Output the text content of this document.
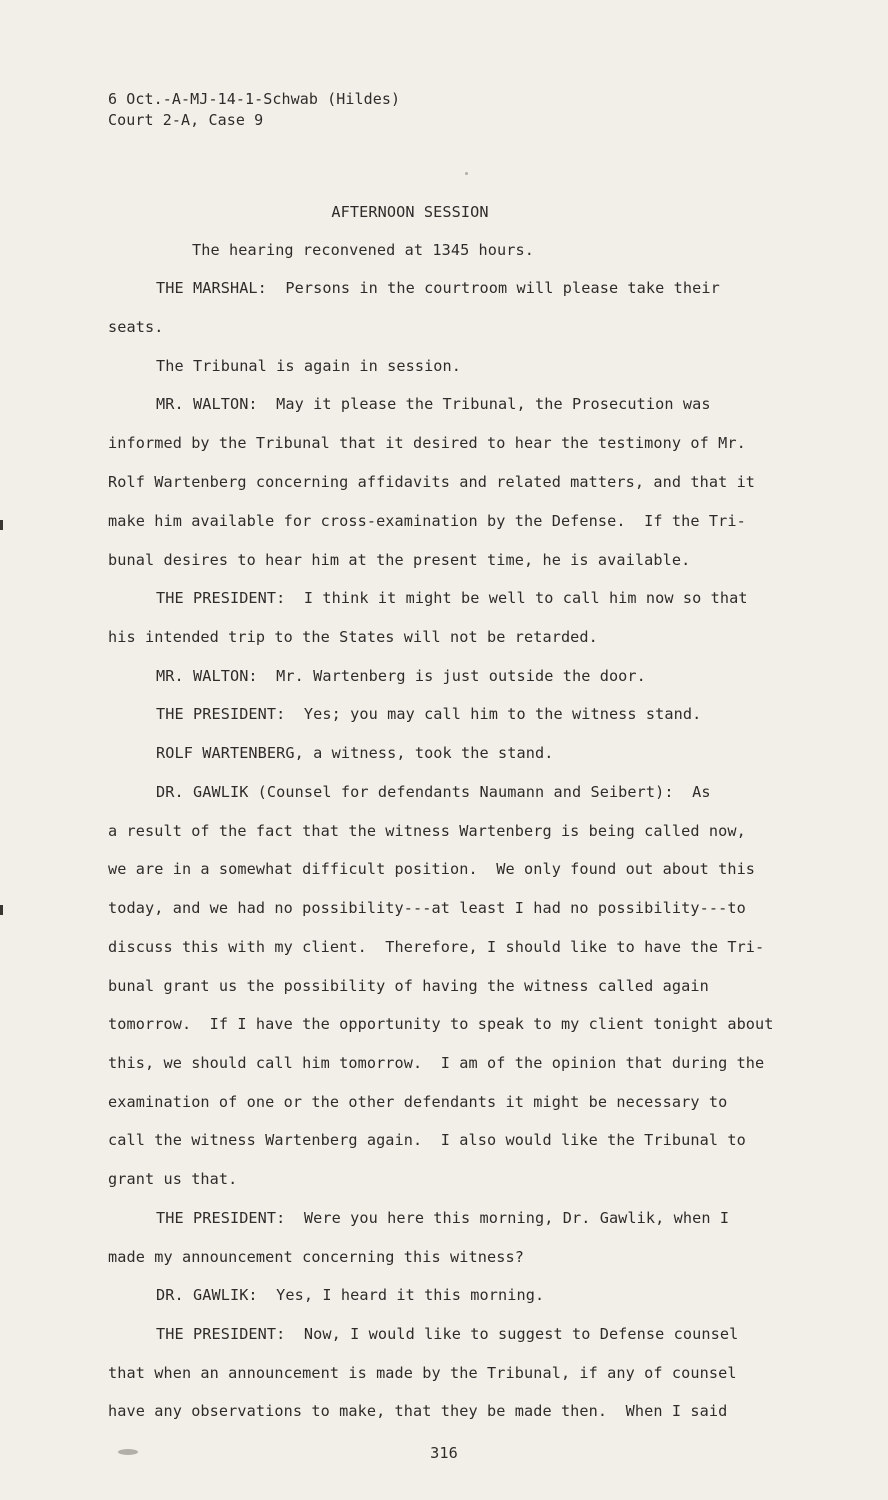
6 Oct.-A-MJ-14-1-Schwab (Hildes)

Court 2-A, Case 9

AFTERNOON SESSION

The hearing reconvened at 1345 hours.

THE MARSHAL:  Persons in the courtroom will please take their

seats.

The Tribunal is again in session.

MR. WALTON:  May it please the Tribunal, the Prosecution was

informed by the Tribunal that it desired to hear the testimony of Mr.

Rolf Wartenberg concerning affidavits and related matters, and that it

make him available for cross-examination by the Defense.  If the Tri-

bunal desires to hear him at the present time, he is available.

THE PRESIDENT:  I think it might be well to call him now so that

his intended trip to the States will not be retarded.

MR. WALTON:  Mr. Wartenberg is just outside the door.

THE PRESIDENT:  Yes; you may call him to the witness stand.

ROLF WARTENBERG, a witness, took the stand.

DR. GAWLIK (Counsel for defendants Naumann and Seibert):  As

a result of the fact that the witness Wartenberg is being called now,

we are in a somewhat difficult position.  We only found out about this

today, and we had no possibility---at least I had no possibility---to

discuss this with my client.  Therefore, I should like to have the Tri-

bunal grant us the possibility of having the witness called again

tomorrow.  If I have the opportunity to speak to my client tonight about

this, we should call him tomorrow.  I am of the opinion that during the

examination of one or the other defendants it might be necessary to

call the witness Wartenberg again.  I also would like the Tribunal to

grant us that.

THE PRESIDENT:  Were you here this morning, Dr. Gawlik, when I

made my announcement concerning this witness?

DR. GAWLIK:  Yes, I heard it this morning.

THE PRESIDENT:  Now, I would like to suggest to Defense counsel

that when an announcement is made by the Tribunal, if any of counsel

have any observations to make, that they be made then.  When I said

316
